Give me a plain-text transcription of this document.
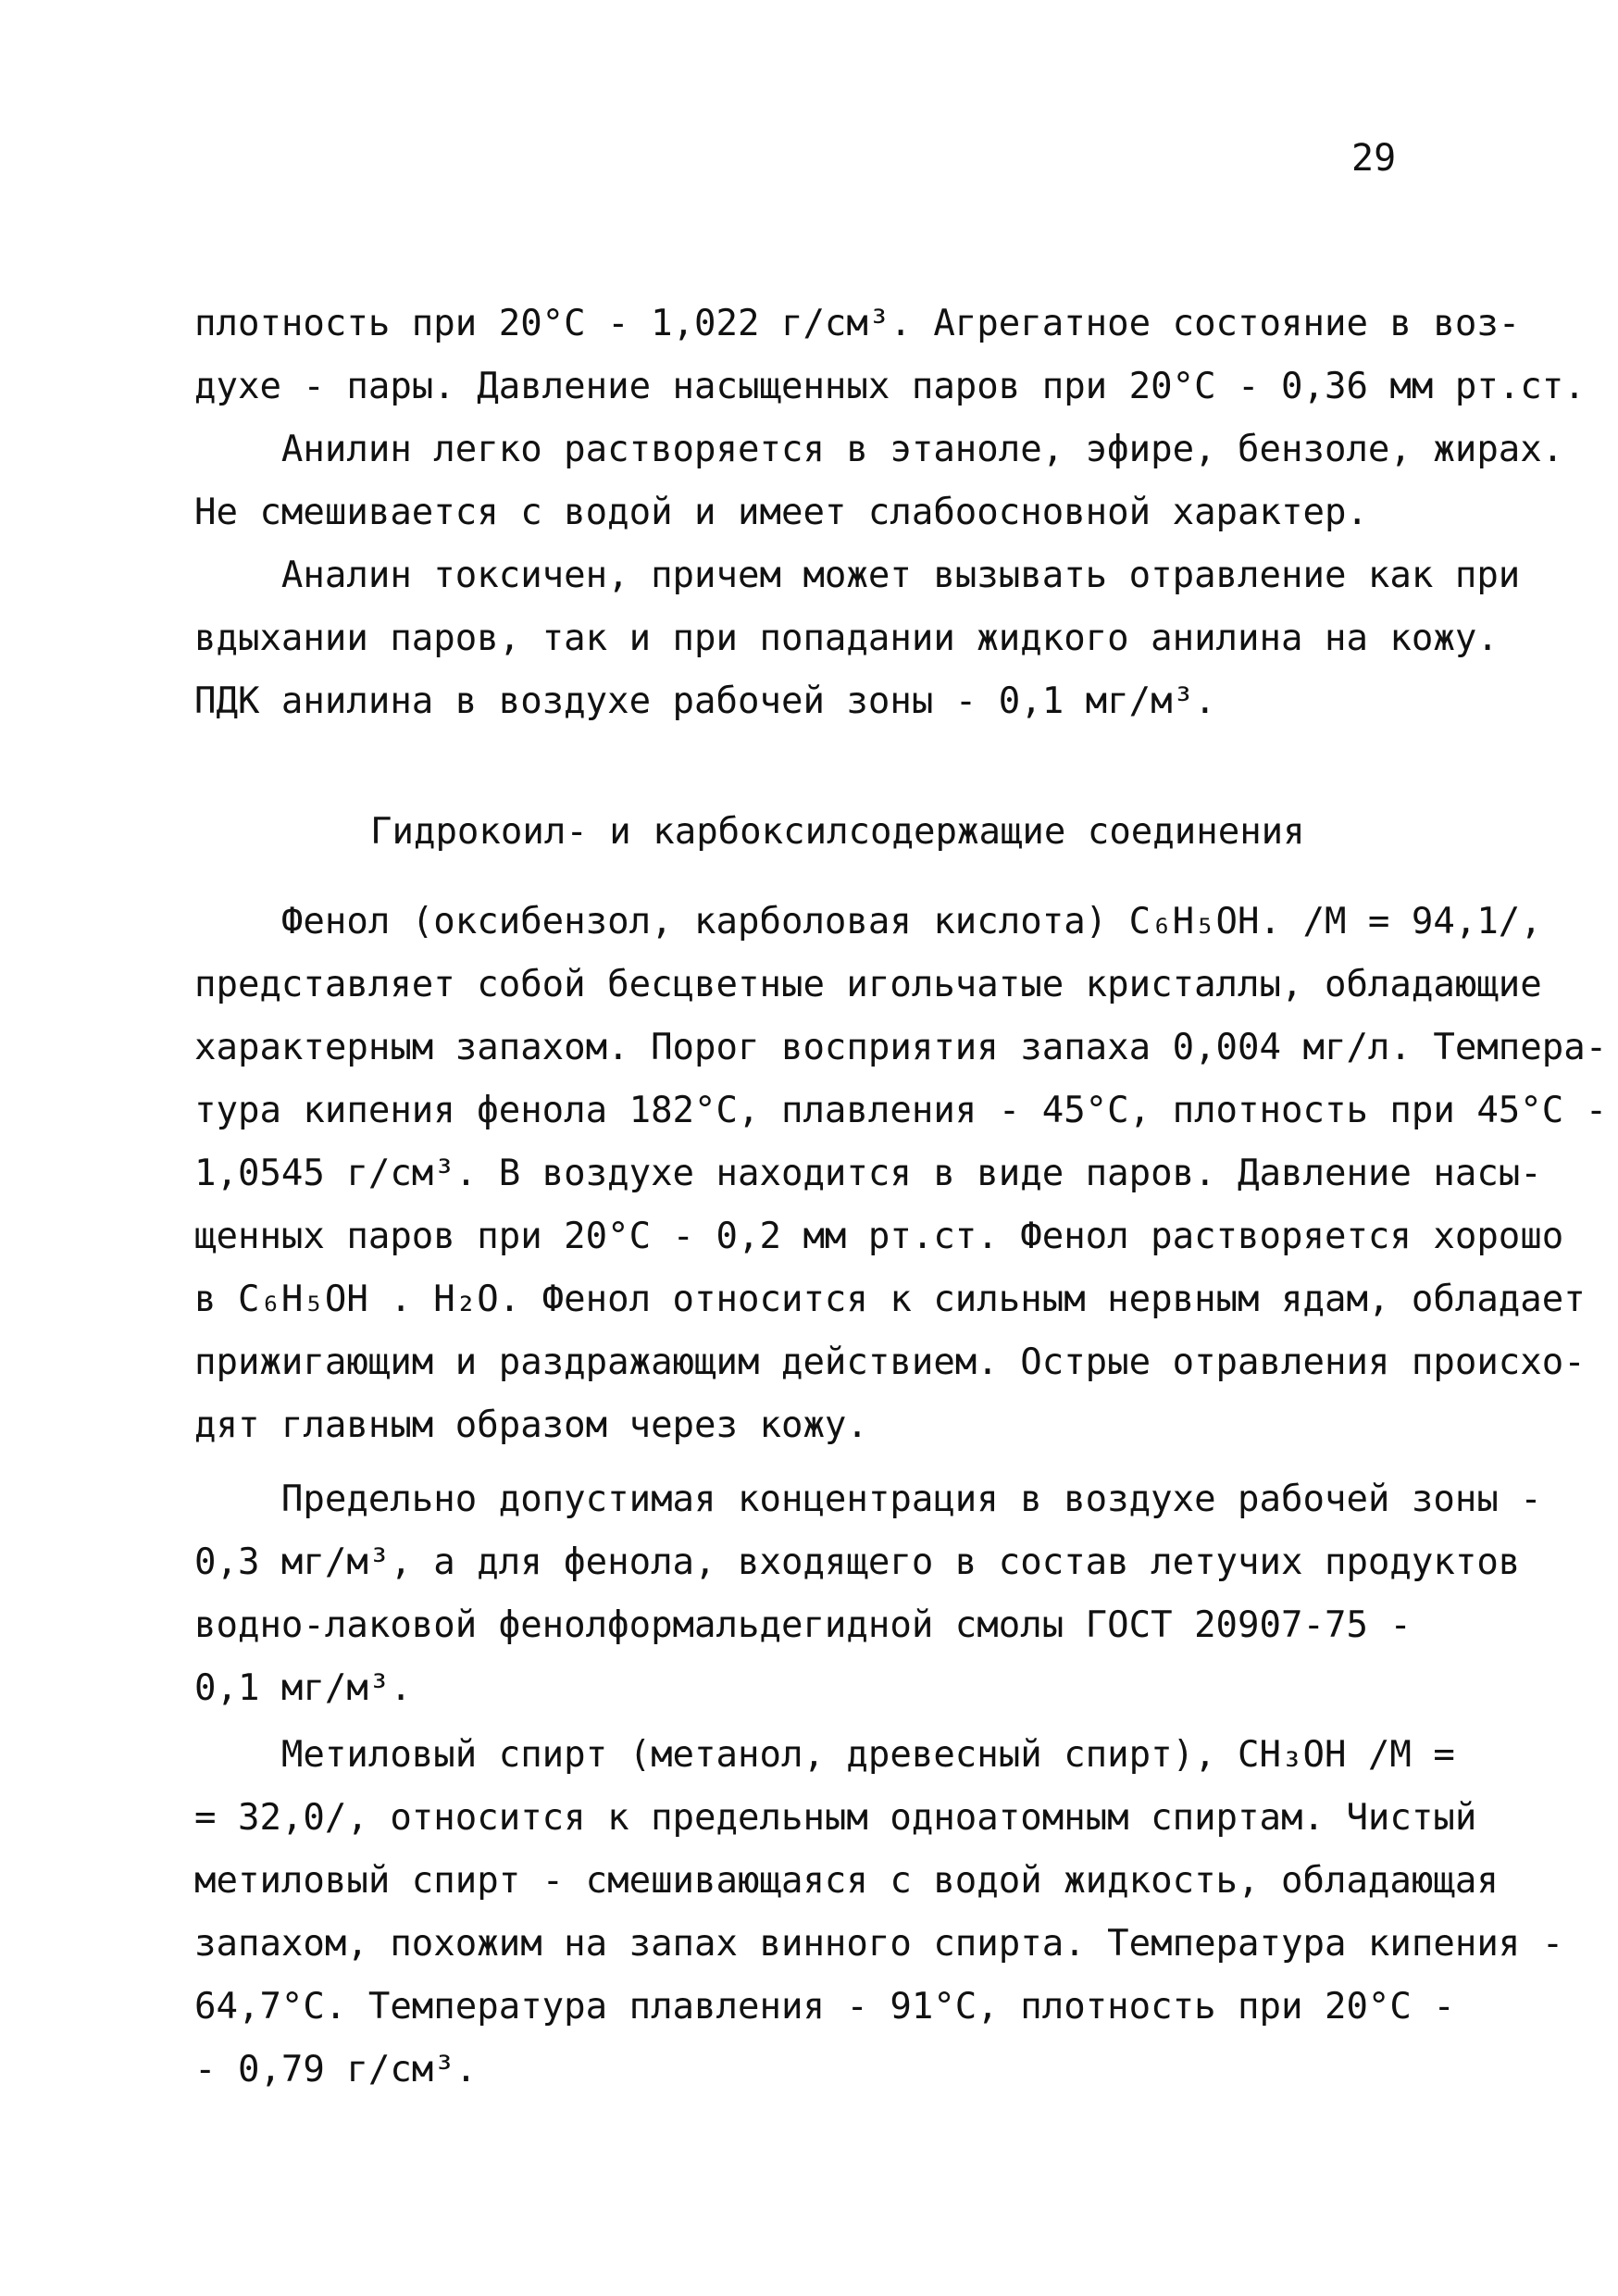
29
плотность при 20°С - 1,022 г/см³. Агрегатное состояние в воз-
духе - пары. Давление насыщенных паров при 20°С - 0,36 мм рт.ст.
Анилин легко растворяется в этаноле, эфире, бензоле, жирах.
Не смешивается с водой и имеет слабоосновной характер.
Аналин токсичен, причем может вызывать отравление как при
вдыхании паров, так и при попадании жидкого анилина на кожу.
ПДК анилина в воздухе рабочей зоны - 0,1 мг/м³.
Гидрокоил- и карбоксилсодержащие соединения
Фенол (оксибензол, карболовая кислота) С₆Н₅ОН. /М = 94,1/,
представляет собой бесцветные игольчатые кристаллы, обладающие
характерным запахом. Порог восприятия запаха 0,004 мг/л. Темпера-
тура кипения фенола 182°С, плавления - 45°С, плотность при 45°С -
1,0545 г/см³. В воздухе находится в виде паров. Давление насы-
щенных паров при 20°С - 0,2 мм рт.ст. Фенол растворяется хорошо
в С₆Н₅ОН . Н₂О. Фенол относится к сильным нервным ядам, обладает
прижигающим и раздражающим действием. Острые отравления происхо-
дят главным образом через кожу.
Предельно допустимая концентрация в воздухе рабочей зоны -
0,3 мг/м³, а для фенола, входящего в состав летучих продуктов
водно-лаковой фенолформальдегидной смолы ГОСТ 20907-75 -
0,1 мг/м³.
Метиловый спирт (метанол, древесный спирт), СН₃ОН /М =
= 32,0/, относится к предельным одноатомным спиртам. Чистый
метиловый спирт - смешивающаяся с водой жидкость, обладающая
запахом, похожим на запах винного спирта. Температура кипения -
64,7°С. Температура плавления - 91°С, плотность при 20°С -
- 0,79 г/см³.
